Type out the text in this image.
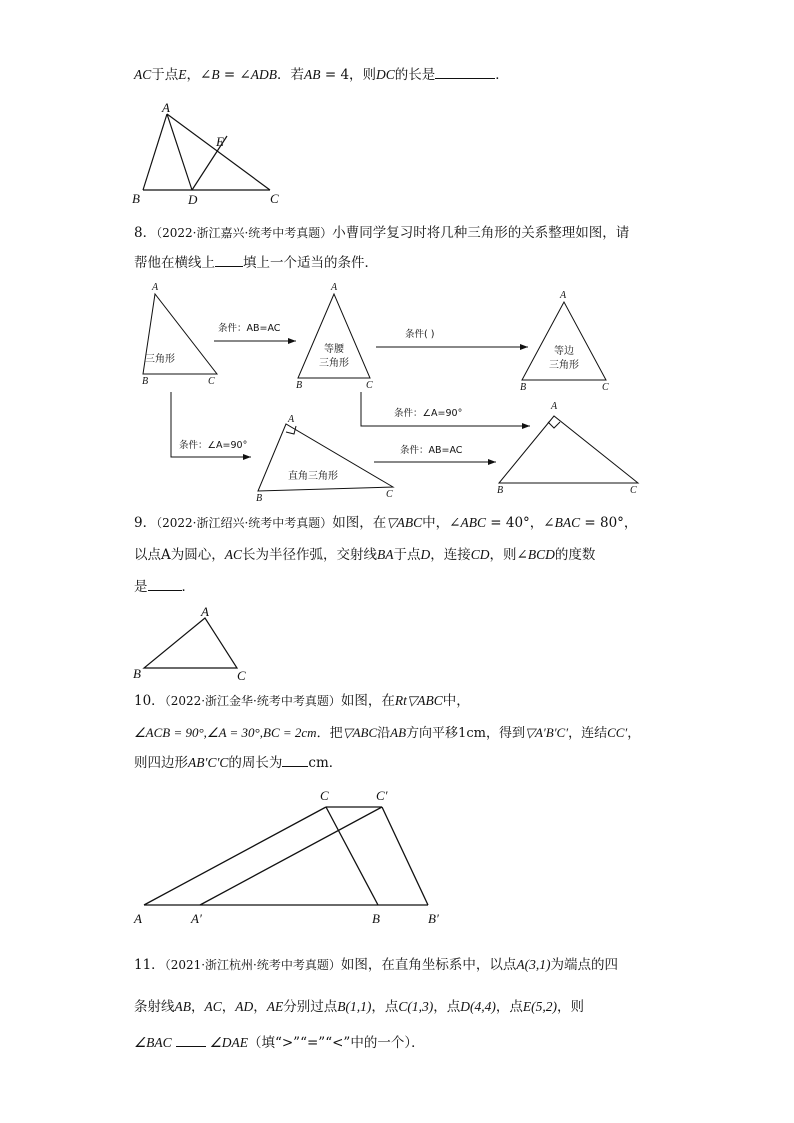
AC于点E，∠B = ∠ADB．若AB = 4，则DC的长是	．
A
B	D	C
E
8．（2022·浙江嘉兴·统考中考真题）小曹同学复习时将几种三角形的关系整理如图，请
帮他在横线上 填上一个适当的条件．
A
B	C
A
B	C
A
B	C
A
B	C
A
B	C
三角形
等腰
三角形
等边
三角形
直角三角形
条件：AB=AC
条件( )
条件：∠A=90°
条件：∠A=90°	条件：AB=AC
9．（2022·浙江绍兴·统考中考真题）如图，在▽ABC中，∠ABC = 40°，∠BAC = 80°，
以点A为圆心，AC长为半径作弧，交射线BA于点D，连接CD，则∠BCD的度数
是	．
A
B	C
10．（2022·浙江金华·统考中考真题）如图，在Rt▽ABC中，
∠ACB = 90°,∠A = 30°,BC = 2cm．把▽ABC沿AB方向平移1cm，得到▽A′B′C′，连结CC′，
则四边形AB′C′C的周长为 cm．
A	A′	B	B′
C	C′
11．（2021·浙江杭州·统考中考真题）如图，在直角坐标系中，以点A(3,1)为端点的四
条射线AB，AC，AD，AE分别过点B(1,1)，点C(1,3)，点D(4,4)，点E(5,2)，则
∠BAC	∠DAE（填“>”“=”“<”中的一个）．
